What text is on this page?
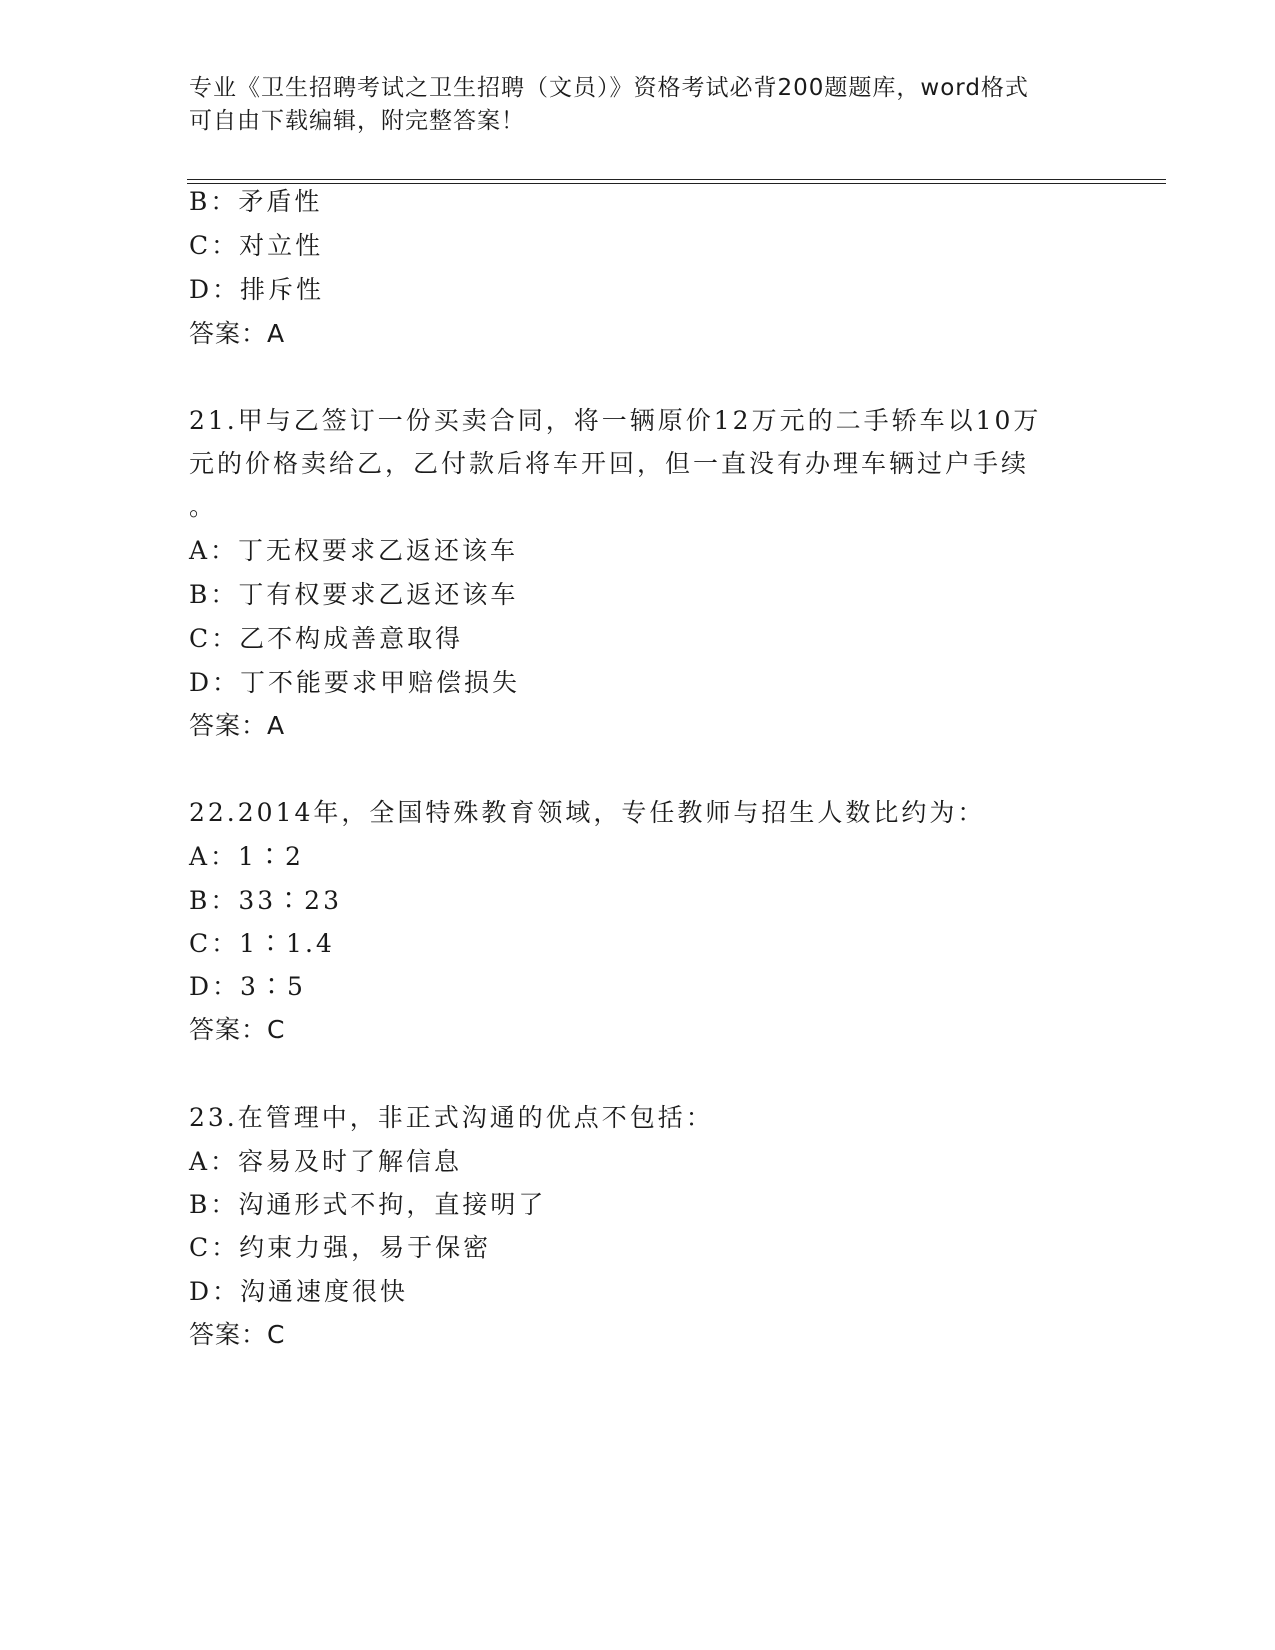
专业《卫生招聘考试之卫生招聘（文员）》资格考试必背200题题库，word格式
可自由下载编辑，附完整答案！
B：矛盾性
C：对立性
D：排斥性
答案：A
21.甲与乙签订一份买卖合同，将一辆原价12万元的二手轿车以10万
元的价格卖给乙，乙付款后将车开回，但一直没有办理车辆过户手续
。
A：丁无权要求乙返还该车
B：丁有权要求乙返还该车
C：乙不构成善意取得
D：丁不能要求甲赔偿损失
答案：A
22.2014年，全国特殊教育领域，专任教师与招生人数比约为：
A：1∶2
B：33∶23
C：1∶1.4
D：3∶5
答案：C
23.在管理中，非正式沟通的优点不包括：
A：容易及时了解信息
B：沟通形式不拘，直接明了
C：约束力强，易于保密
D：沟通速度很快
答案：C
